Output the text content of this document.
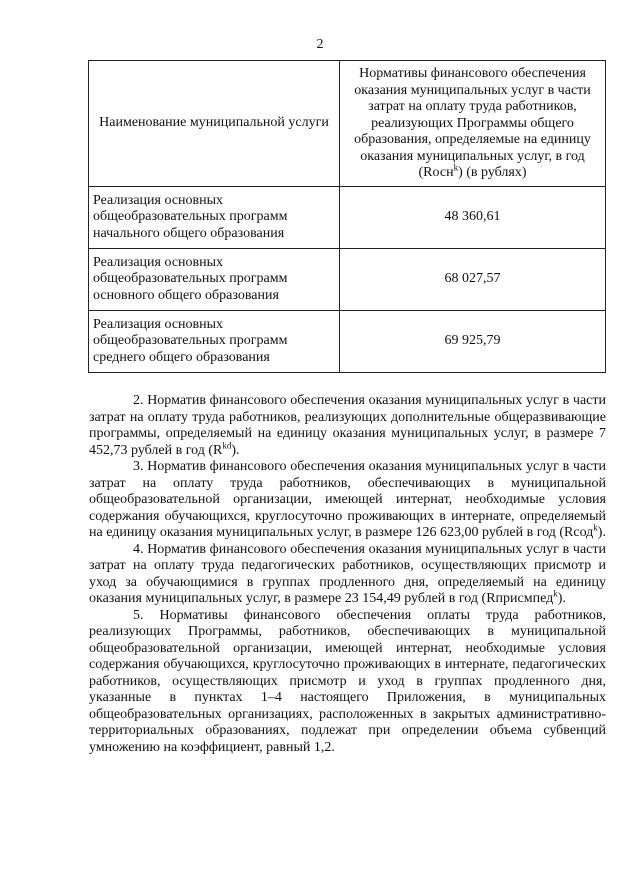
2
Наименование муниципальной услуги	Нормативы финансового обеспечения оказания муниципальных услуг в части затрат на оплату труда работников, реализующих Программы общего образования, определяемые на единицу оказания муниципальных услуг, в год (Rосн$^k$) (в рублях)
Реализация основных общеобразовательных программ начального общего образования	48 360,61
Реализация основных общеобразовательных программ основного общего образования	68 027,57
Реализация основных общеобразовательных программ среднего общего образования	69 925,79

2. Норматив финансового обеспечения оказания муниципальных услуг в части затрат на оплату труда работников, реализующих дополнительные общеразвивающие программы, определяемый на единицу оказания муниципальных услуг, в размере 7 452,73 рублей в год $(R^{kd})$.

3. Норматив финансового обеспечения оказания муниципальных услуг в части затрат на оплату труда работников, обеспечивающих в муниципальной общеобразовательной организации, имеющей интернат, необходимые условия содержания обучающихся, круглосуточно проживающих в интернате, определяемый на единицу оказания муниципальных услуг, в размере 126 623,00 рублей в год (Rсод$^k$).

4. Норматив финансового обеспечения оказания муниципальных услуг в части затрат на оплату труда педагогических работников, осуществляющих присмотр и уход за обучающимися в группах продленного дня, определяемый на единицу оказания муниципальных услуг, в размере 23 154,49 рублей в год (Rприсмпед$^k$).

5. Нормативы финансового обеспечения оплаты труда работников, реализующих Программы, работников, обеспечивающих в муниципальной общеобразовательной организации, имеющей интернат, необходимые условия содержания обучающихся, круглосуточно проживающих в интернате, педагогических работников, осуществляющих присмотр и уход в группах продленного дня, указанные в пунктах 1–4 настоящего Приложения, в муниципальных общеобразовательных организациях, расположенных в закрытых административно-территориальных образованиях, подлежат при определении объема субвенций умножению на коэффициент, равный 1,2.
